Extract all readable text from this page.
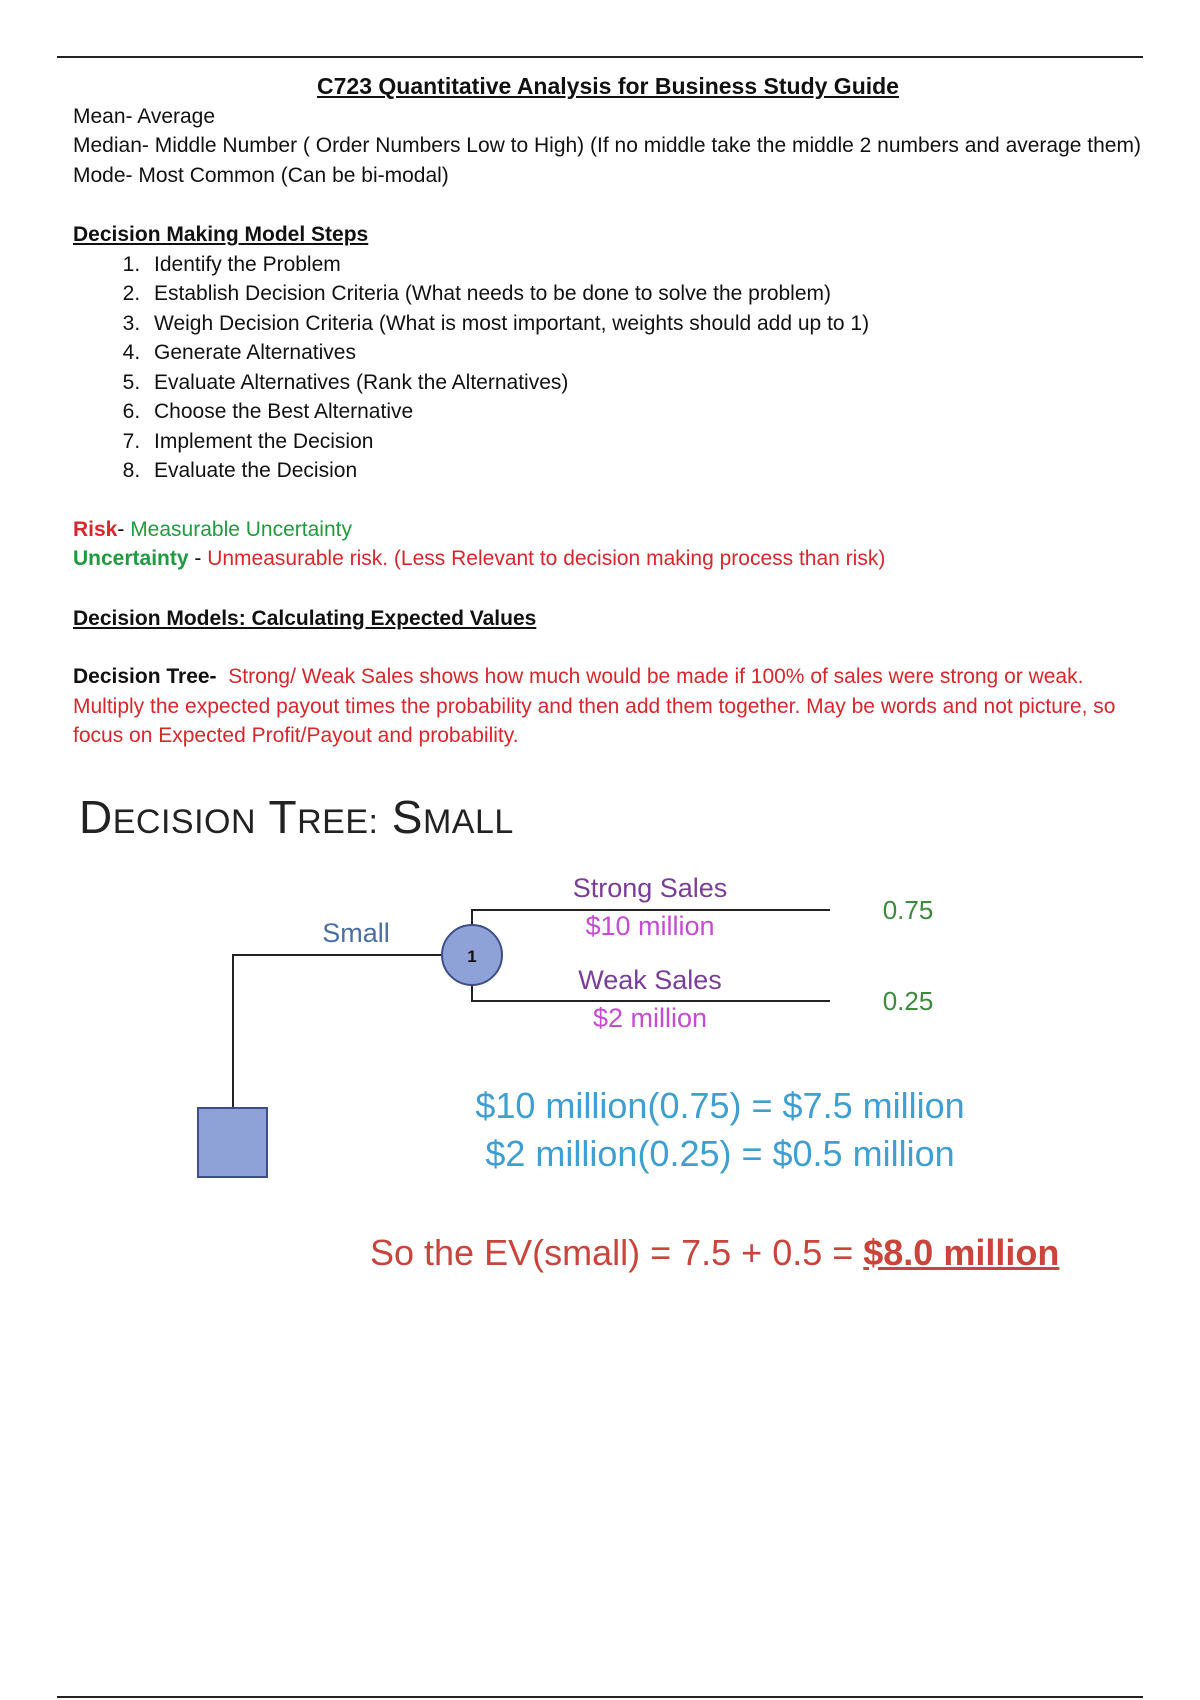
C723 Quantitative Analysis for Business Study Guide

Mean- Average

Median- Middle Number ( Order Numbers Low to High) (If no middle take the middle 2 numbers and average them)

Mode- Most Common (Can be bi-modal)

Decision Making Model Steps

1. Identify the Problem
2. Establish Decision Criteria (What needs to be done to solve the problem)
3. Weigh Decision Criteria (What is most important, weights should add up to 1)
4. Generate Alternatives
5. Evaluate Alternatives (Rank the Alternatives)
6. Choose the Best Alternative
7. Implement the Decision
8. Evaluate the Decision

Risk- Measurable Uncertainty

Uncertainty - Unmeasurable risk. (Less Relevant to decision making process than risk)

Decision Models: Calculating Expected Values

Decision Tree- Strong/ Weak Sales shows how much would be made if 100% of sales were strong or weak. Multiply the expected payout times the probability and then add them together. May be words and not picture, so focus on Expected Profit/Payout and probability.

DECISION TREE: SMALL
1
Small
Strong Sales
$10 million
0.75
Weak Sales
$2 million
0.25
$10 million(0.75) = $7.5 million
$2 million(0.25) = $0.5 million
So the EV(small) = 7.5 + 0.5 = $8.0 million
